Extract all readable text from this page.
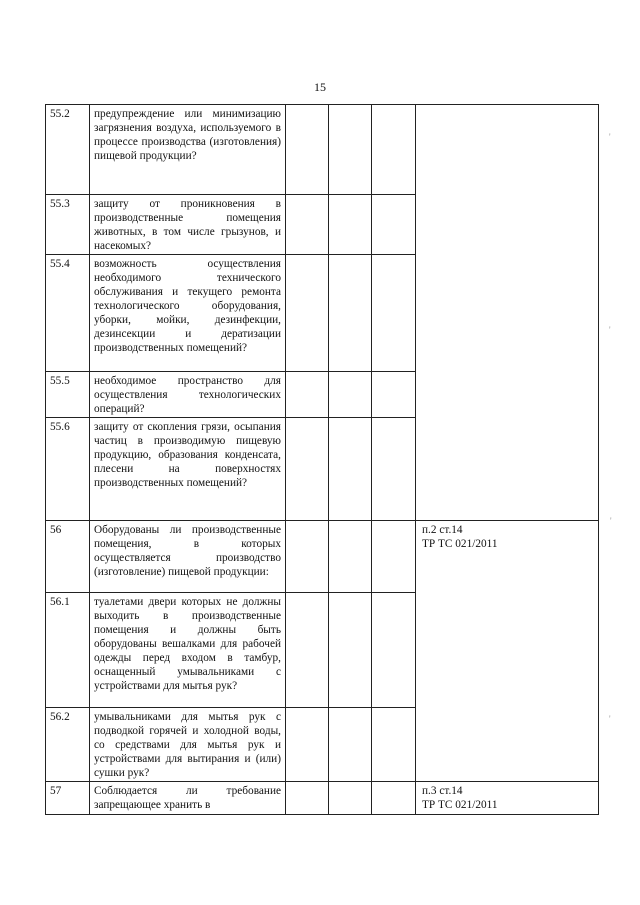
15
55.2	предупреждение или минимизацию загрязнения воздуха, используемого в процессе производства (изготовления) пищевой продукции?				
55.3	защиту от проникновения в производственные помещения животных, в том числе грызунов, и насекомых?				
55.4	возможность осуществления необходимого технического обслуживания и текущего ремонта технологического оборудования, уборки, мойки, дезинфекции, дезинсекции и дератизации производственных помещений?				
55.5	необходимое пространство для осуществления технологических операций?				
55.6	защиту от скопления грязи, осыпания частиц в производимую пищевую продукцию, образования конденсата, плесени на поверхностях производственных помещений?				
56	Оборудованы ли производственные помещения, в которых осуществляется производство (изготовление) пищевой продукции:				п.2 ст.14
ТР ТС 021/2011

56.1	туалетами двери которых не должны выходить в производственные помещения и должны быть оборудованы вешалками для рабочей одежды перед входом в тамбур, оснащенный умывальниками с устройствами для мытья рук?				
56.2	умывальниками для мытья рук с подводкой горячей и холодной воды, со средствами для мытья рук и устройствами для вытирания и (или) сушки рук?				
57	Соблюдается ли требование запрещающее хранить в				п.3 ст.14
ТР ТС 021/2011
'
'
'
'
